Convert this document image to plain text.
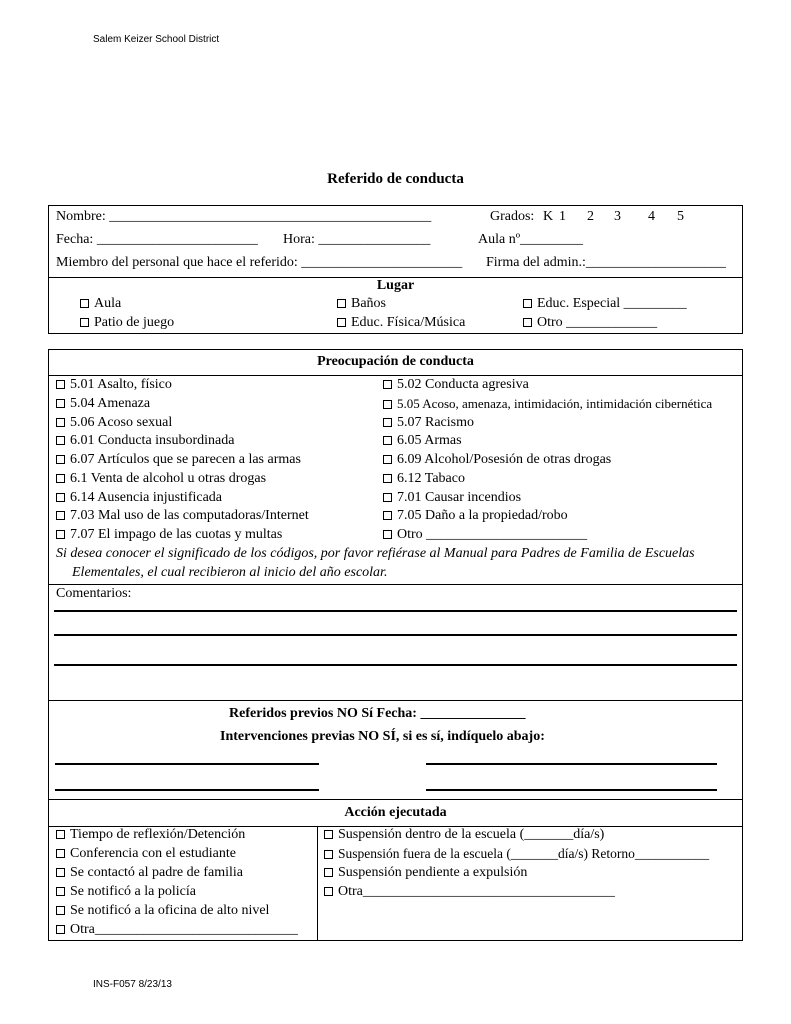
Salem Keizer School District
Referido de conducta
Nombre: ______________________________________________	Grados: K 1 2 3 4 5
Fecha: _______________________ Hora: ________________	Aula nº_________
Miembro del personal que hace el referido: _______________________ Firma del admin.:____________________
Lugar
Aula
Patio de juego
Baños
Educ. Física/Música
Educ. Especial _________
Otro _____________
Preocupación de conducta
5.01 Asalto, físico
5.04 Amenaza
5.06 Acoso sexual
6.01 Conducta insubordinada
6.07 Artículos que se parecen a las armas
6.1 Venta de alcohol u otras drogas
6.14 Ausencia injustificada
7.03 Mal uso de las computadoras/Internet
7.07 El impago de las cuotas y multas
5.02 Conducta agresiva
5.05 Acoso, amenaza, intimidación, intimidación cibernética
5.07 Racismo
6.05 Armas
6.09 Alcohol/Posesión de otras drogas
6.12 Tabaco
7.01 Causar incendios
7.05 Daño a la propiedad/robo
Otro _______________________
Si desea conocer el significado de los códigos, por favor refiérase al Manual para Padres de Familia de Escuelas
Elementales, el cual recibieron al inicio del año escolar.
Comentarios:
Referidos previos NO Sí Fecha: _______________
Intervenciones previas NO SÍ, si es sí, indíquelo abajo:
Acción ejecutada
Tiempo de reflexión/Detención
Conferencia con el estudiante
Se contactó al padre de familia
Se notificó a la policía
Se notificó a la oficina de alto nivel
Otra_____________________________
Suspensión dentro de la escuela (_______día/s)
Suspensión fuera de la escuela (_______día/s) Retorno___________
Suspensión pendiente a expulsión
Otra____________________________________
INS-F057 8/23/13
